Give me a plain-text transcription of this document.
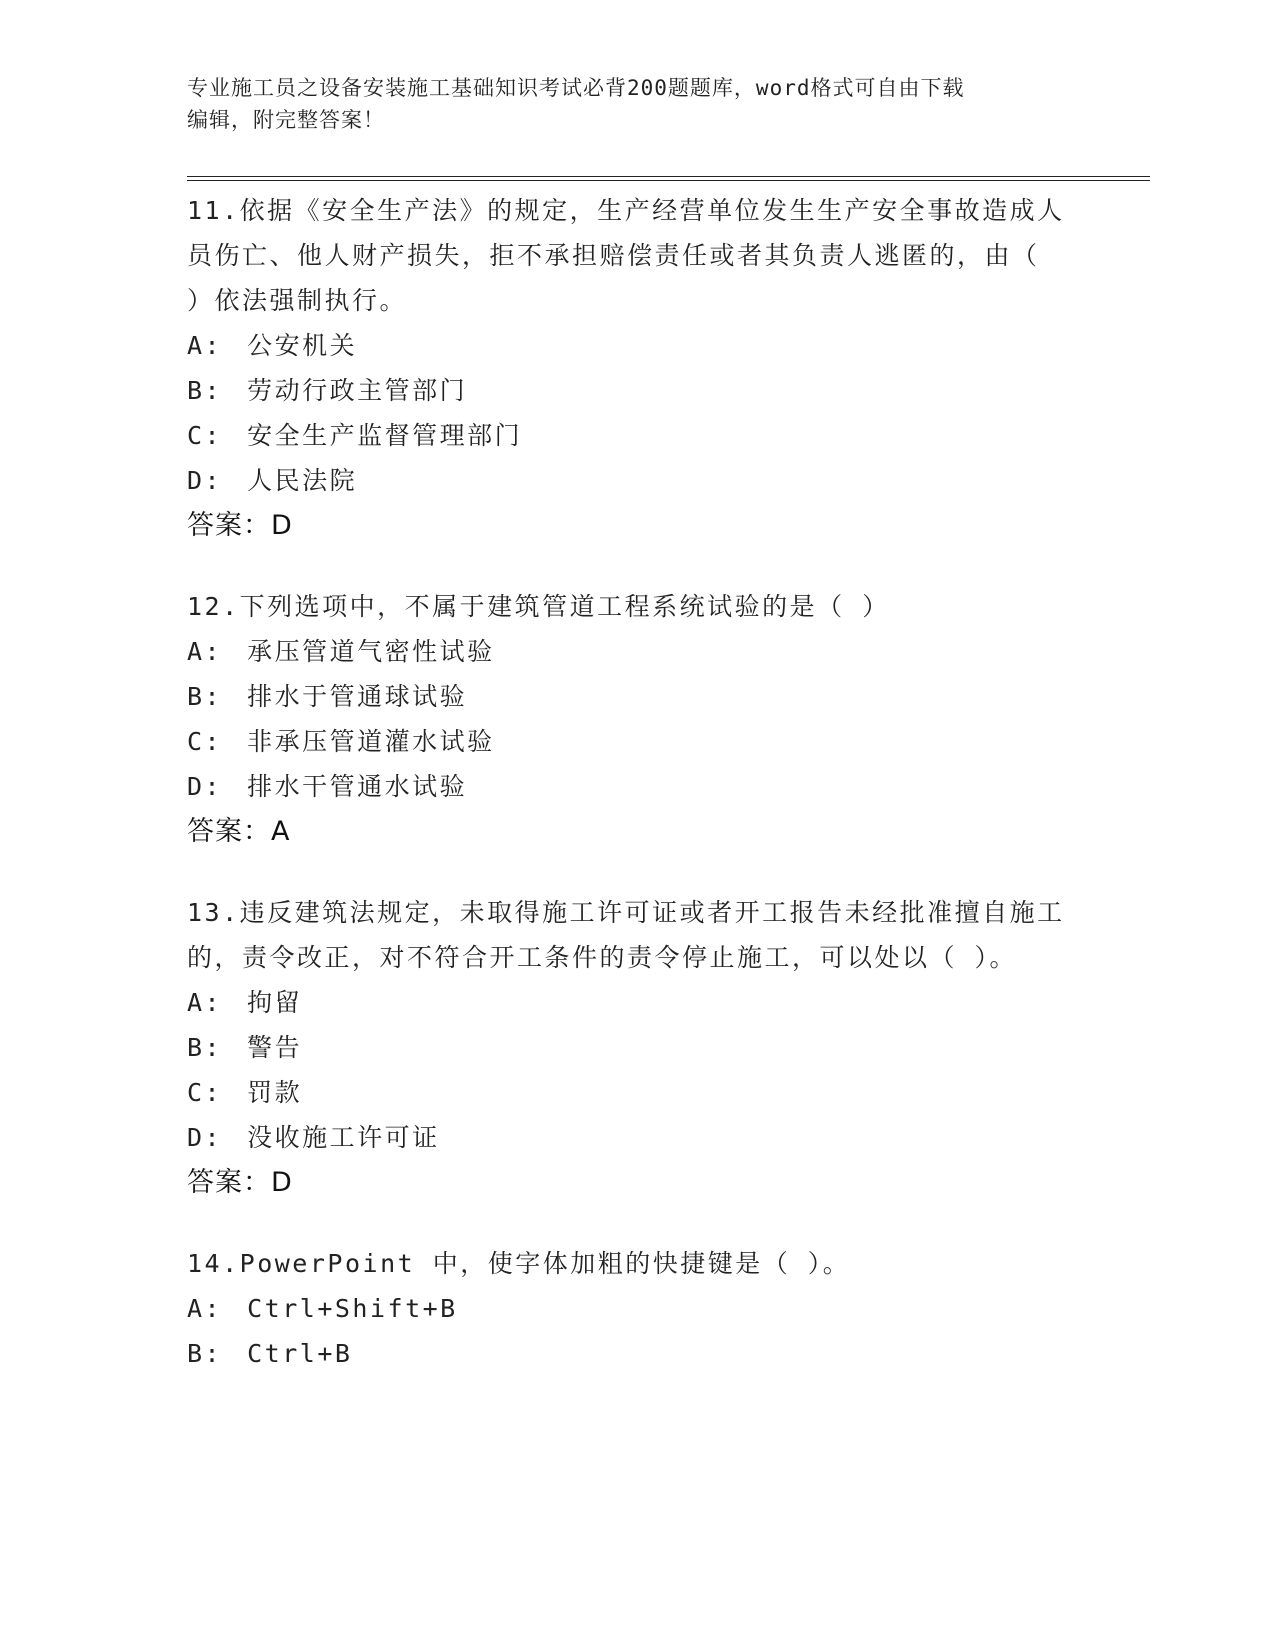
专业施工员之设备安装施工基础知识考试必背200题题库，word格式可自由下载
编辑，附完整答案！
11.依据《安全生产法》的规定，生产经营单位发生生产安全事故造成人员伤亡、他人财产损失，拒不承担赔偿责任或者其负责人逃匿的，由（ ）依法强制执行。
A: 公安机关
B: 劳动行政主管部门
C: 安全生产监督管理部门
D: 人民法院
答案：D
12.下列选项中，不属于建筑管道工程系统试验的是（ ）
A: 承压管道气密性试验
B: 排水于管通球试验
C: 非承压管道灌水试验
D: 排水干管通水试验
答案：A
13.违反建筑法规定，未取得施工许可证或者开工报告未经批准擅自施工的，责令改正，对不符合开工条件的责令停止施工，可以处以（ ）。
A: 拘留
B: 警告
C: 罚款
D: 没收施工许可证
答案：D
14.PowerPoint 中，使字体加粗的快捷键是（ ）。
A: Ctrl+Shift+B
B: Ctrl+B
